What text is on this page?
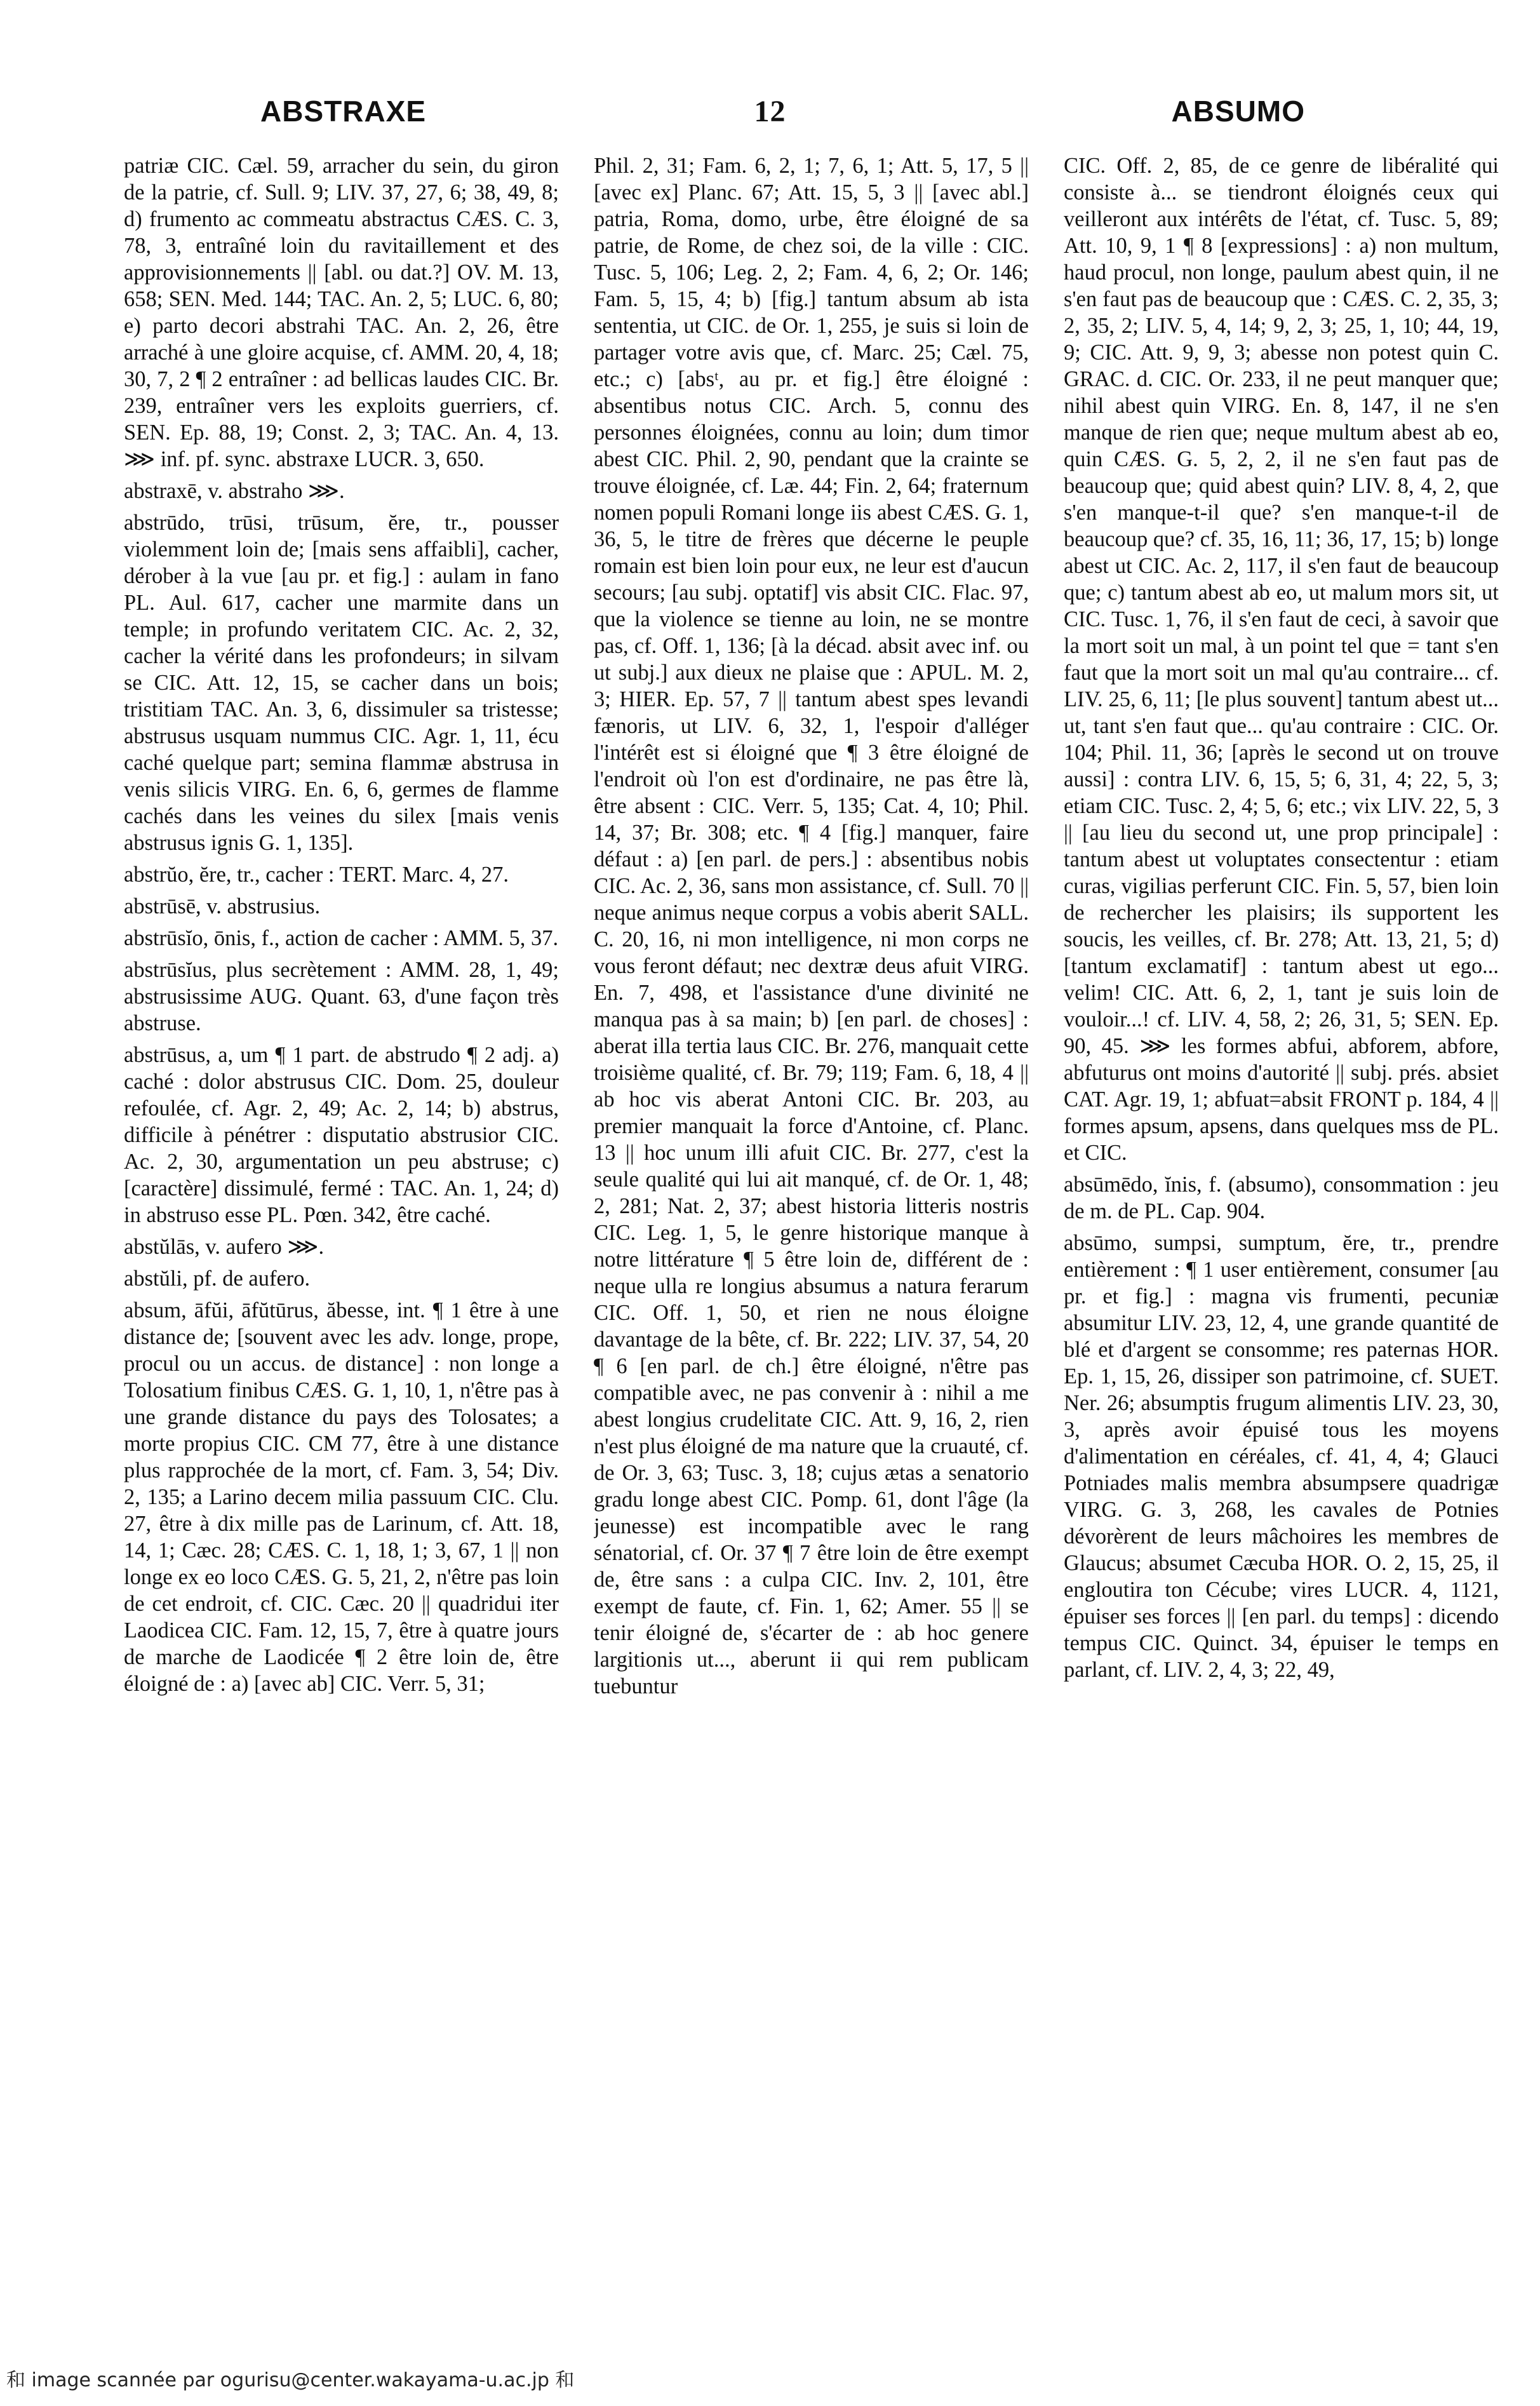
ABSTRAXE	12	ABSUMO

patriæ CIC. Cæl. 59, arracher du sein, du giron de la patrie, cf. Sull. 9; LIV. 37, 27, 6; 38, 49, 8; d) frumento ac commeatu abstractus CÆS. C. 3, 78, 3, entraîné loin du ravitaillement et des approvisionnements || [abl. ou dat.?] OV. M. 13, 658; SEN. Med. 144; TAC. An. 2, 5; LUC. 6, 80; e) parto decori abstrahi TAC. An. 2, 26, être arraché à une gloire acquise, cf. AMM. 20, 4, 18; 30, 7, 2 ¶ 2 entraîner : ad bellicas laudes CIC. Br. 239, entraîner vers les exploits guerriers, cf. SEN. Ep. 88, 19; Const. 2, 3; TAC. An. 4, 13. ⋙ inf. pf. sync. abstraxe LUCR. 3, 650.

abstraxē, v. abstraho ⋙.

abstrūdo, trūsi, trūsum, ĕre, tr., pousser violemment loin de; [mais sens affaibli], cacher, dérober à la vue [au pr. et fig.] : aulam in fano PL. Aul. 617, cacher une marmite dans un temple; in profundo veritatem CIC. Ac. 2, 32, cacher la vérité dans les profondeurs; in silvam se CIC. Att. 12, 15, se cacher dans un bois; tristitiam TAC. An. 3, 6, dissimuler sa tristesse; abstrusus usquam nummus CIC. Agr. 1, 11, écu caché quelque part; semina flammæ abstrusa in venis silicis VIRG. En. 6, 6, germes de flamme cachés dans les veines du silex [mais venis abstrusus ignis G. 1, 135].

abstrŭo, ĕre, tr., cacher : TERT. Marc. 4, 27.

abstrūsē, v. abstrusius.

abstrūsĭo, ōnis, f., action de cacher : AMM. 5, 37.

abstrūsĭus, plus secrètement : AMM. 28, 1, 49; abstrusissime AUG. Quant. 63, d'une façon très abstruse.

abstrūsus, a, um ¶ 1 part. de abstrudo ¶ 2 adj. a) caché : dolor abstrusus CIC. Dom. 25, douleur refoulée, cf. Agr. 2, 49; Ac. 2, 14; b) abstrus, difficile à pénétrer : disputatio abstrusior CIC. Ac. 2, 30, argumentation un peu abstruse; c) [caractère] dissimulé, fermé : TAC. An. 1, 24; d) in abstruso esse PL. Pœn. 342, être caché.

abstŭlās, v. aufero ⋙.

abstŭli, pf. de aufero.

absum, āfŭi, āfŭtūrus, ăbesse, int. ¶ 1 être à une distance de; [souvent avec les adv. longe, prope, procul ou un accus. de distance] : non longe a Tolosatium finibus CÆS. G. 1, 10, 1, n'être pas à une grande distance du pays des Tolosates; a morte propius CIC. CM 77, être à une distance plus rapprochée de la mort, cf. Fam. 3, 54; Div. 2, 135; a Larino decem milia passuum CIC. Clu. 27, être à dix mille pas de Larinum, cf. Att. 18, 14, 1; Cæc. 28; CÆS. C. 1, 18, 1; 3, 67, 1 || non longe ex eo loco CÆS. G. 5, 21, 2, n'être pas loin de cet endroit, cf. CIC. Cæc. 20 || quadridui iter Laodicea CIC. Fam. 12, 15, 7, être à quatre jours de marche de Laodicée ¶ 2 être loin de, être éloigné de : a) [avec ab] CIC. Verr. 5, 31;

Phil. 2, 31; Fam. 6, 2, 1; 7, 6, 1; Att. 5, 17, 5 || [avec ex] Planc. 67; Att. 15, 5, 3 || [avec abl.] patria, Roma, domo, urbe, être éloigné de sa patrie, de Rome, de chez soi, de la ville : CIC. Tusc. 5, 106; Leg. 2, 2; Fam. 4, 6, 2; Or. 146; Fam. 5, 15, 4; b) [fig.] tantum absum ab ista sententia, ut CIC. de Or. 1, 255, je suis si loin de partager votre avis que, cf. Marc. 25; Cæl. 75, etc.; c) [absᵗ, au pr. et fig.] être éloigné : absentibus notus CIC. Arch. 5, connu des personnes éloignées, connu au loin; dum timor abest CIC. Phil. 2, 90, pendant que la crainte se trouve éloignée, cf. Læ. 44; Fin. 2, 64; fraternum nomen populi Romani longe iis abest CÆS. G. 1, 36, 5, le titre de frères que décerne le peuple romain est bien loin pour eux, ne leur est d'aucun secours; [au subj. optatif] vis absit CIC. Flac. 97, que la violence se tienne au loin, ne se montre pas, cf. Off. 1, 136; [à la décad. absit avec inf. ou ut subj.] aux dieux ne plaise que : APUL. M. 2, 3; HIER. Ep. 57, 7 || tantum abest spes levandi fænoris, ut LIV. 6, 32, 1, l'espoir d'alléger l'intérêt est si éloigné que ¶ 3 être éloigné de l'endroit où l'on est d'ordinaire, ne pas être là, être absent : CIC. Verr. 5, 135; Cat. 4, 10; Phil. 14, 37; Br. 308; etc. ¶ 4 [fig.] manquer, faire défaut : a) [en parl. de pers.] : absentibus nobis CIC. Ac. 2, 36, sans mon assistance, cf. Sull. 70 || neque animus neque corpus a vobis aberit SALL. C. 20, 16, ni mon intelligence, ni mon corps ne vous feront défaut; nec dextræ deus afuit VIRG. En. 7, 498, et l'assistance d'une divinité ne manqua pas à sa main; b) [en parl. de choses] : aberat illa tertia laus CIC. Br. 276, manquait cette troisième qualité, cf. Br. 79; 119; Fam. 6, 18, 4 || ab hoc vis aberat Antoni CIC. Br. 203, au premier manquait la force d'Antoine, cf. Planc. 13 || hoc unum illi afuit CIC. Br. 277, c'est la seule qualité qui lui ait manqué, cf. de Or. 1, 48; 2, 281; Nat. 2, 37; abest historia litteris nostris CIC. Leg. 1, 5, le genre historique manque à notre littérature ¶ 5 être loin de, différent de : neque ulla re longius absumus a natura ferarum CIC. Off. 1, 50, et rien ne nous éloigne davantage de la bête, cf. Br. 222; LIV. 37, 54, 20 ¶ 6 [en parl. de ch.] être éloigné, n'être pas compatible avec, ne pas convenir à : nihil a me abest longius crudelitate CIC. Att. 9, 16, 2, rien n'est plus éloigné de ma nature que la cruauté, cf. de Or. 3, 63; Tusc. 3, 18; cujus ætas a senatorio gradu longe abest CIC. Pomp. 61, dont l'âge (la jeunesse) est incompatible avec le rang sénatorial, cf. Or. 37 ¶ 7 être loin de être exempt de, être sans : a culpa CIC. Inv. 2, 101, être exempt de faute, cf. Fin. 1, 62; Amer. 55 || se tenir éloigné de, s'écarter de : ab hoc genere largitionis ut..., aberunt ii qui rem publicam tuebuntur

CIC. Off. 2, 85, de ce genre de libéralité qui consiste à... se tiendront éloignés ceux qui veilleront aux intérêts de l'état, cf. Tusc. 5, 89; Att. 10, 9, 1 ¶ 8 [expressions] : a) non multum, haud procul, non longe, paulum abest quin, il ne s'en faut pas de beaucoup que : CÆS. C. 2, 35, 3; 2, 35, 2; LIV. 5, 4, 14; 9, 2, 3; 25, 1, 10; 44, 19, 9; CIC. Att. 9, 9, 3; abesse non potest quin C. GRAC. d. CIC. Or. 233, il ne peut manquer que; nihil abest quin VIRG. En. 8, 147, il ne s'en manque de rien que; neque multum abest ab eo, quin CÆS. G. 5, 2, 2, il ne s'en faut pas de beaucoup que; quid abest quin? LIV. 8, 4, 2, que s'en manque-t-il que? s'en manque-t-il de beaucoup que? cf. 35, 16, 11; 36, 17, 15; b) longe abest ut CIC. Ac. 2, 117, il s'en faut de beaucoup que; c) tantum abest ab eo, ut malum mors sit, ut CIC. Tusc. 1, 76, il s'en faut de ceci, à savoir que la mort soit un mal, à un point tel que = tant s'en faut que la mort soit un mal qu'au contraire... cf. LIV. 25, 6, 11; [le plus souvent] tantum abest ut... ut, tant s'en faut que... qu'au contraire : CIC. Or. 104; Phil. 11, 36; [après le second ut on trouve aussi] : contra LIV. 6, 15, 5; 6, 31, 4; 22, 5, 3; etiam CIC. Tusc. 2, 4; 5, 6; etc.; vix LIV. 22, 5, 3 || [au lieu du second ut, une prop principale] : tantum abest ut voluptates consectentur : etiam curas, vigilias perferunt CIC. Fin. 5, 57, bien loin de rechercher les plaisirs; ils supportent les soucis, les veilles, cf. Br. 278; Att. 13, 21, 5; d) [tantum exclamatif] : tantum abest ut ego... velim! CIC. Att. 6, 2, 1, tant je suis loin de vouloir...! cf. LIV. 4, 58, 2; 26, 31, 5; SEN. Ep. 90, 45. ⋙ les formes abfui, abforem, abfore, abfuturus ont moins d'autorité || subj. prés. absiet CAT. Agr. 19, 1; abfuat=absit FRONT p. 184, 4 || formes apsum, apsens, dans quelques mss de PL. et CIC.

absūmēdo, ĭnis, f. (absumo), consommation : jeu de m. de PL. Cap. 904.

absūmo, sumpsi, sumptum, ĕre, tr., prendre entièrement : ¶ 1 user entièrement, consumer [au pr. et fig.] : magna vis frumenti, pecuniæ absumitur LIV. 23, 12, 4, une grande quantité de blé et d'argent se consomme; res paternas HOR. Ep. 1, 15, 26, dissiper son patrimoine, cf. SUET. Ner. 26; absumptis frugum alimentis LIV. 23, 30, 3, après avoir épuisé tous les moyens d'alimentation en céréales, cf. 41, 4, 4; Glauci Potniades malis membra absumpsere quadrigæ VIRG. G. 3, 268, les cavales de Potnies dévorèrent de leurs mâchoires les membres de Glaucus; absumet Cæcuba HOR. O. 2, 15, 25, il engloutira ton Cécube; vires LUCR. 4, 1121, épuiser ses forces || [en parl. du temps] : dicendo tempus CIC. Quinct. 34, épuiser le temps en parlant, cf. LIV. 2, 4, 3; 22, 49,

和 image scannée par ogurisu@center.wakayama-u.ac.jp 和
